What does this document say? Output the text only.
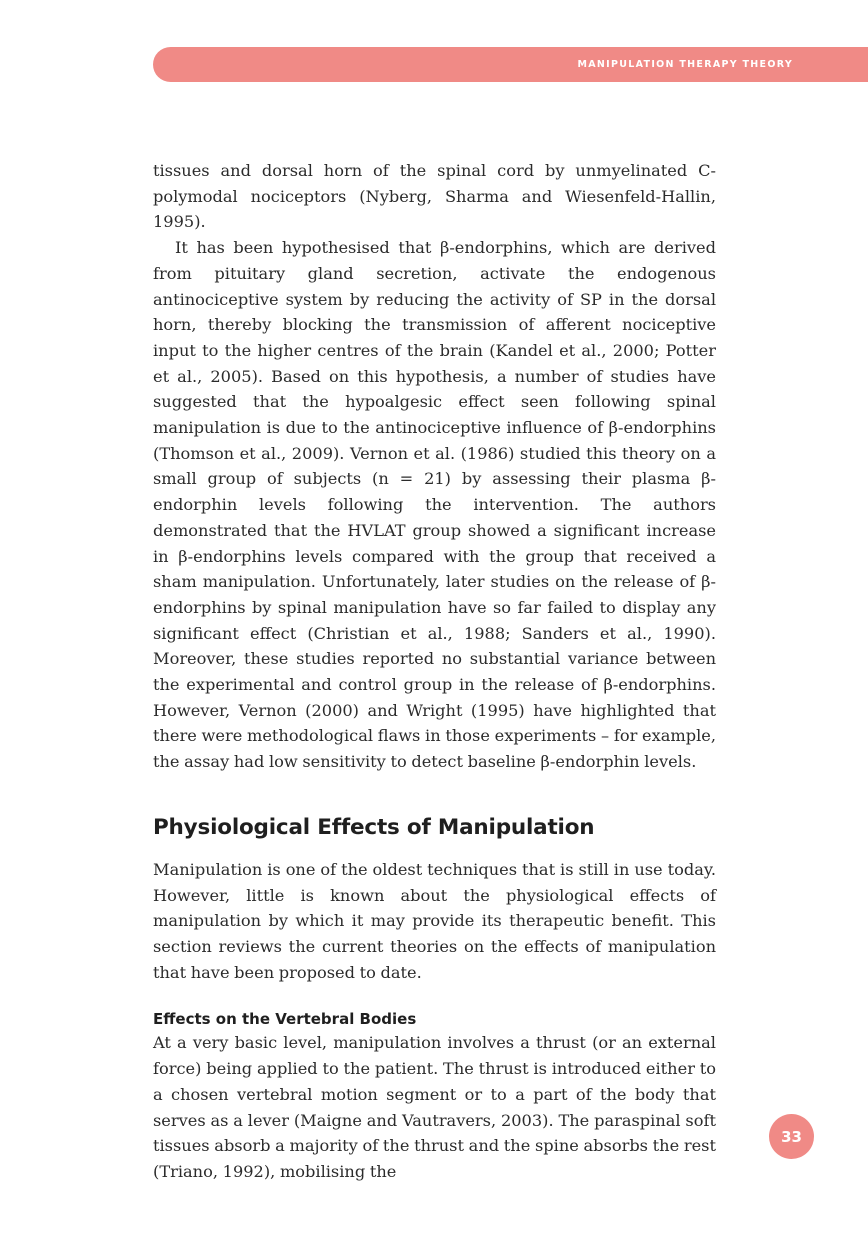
MANIPULATION THERAPY THEORY

tissues and dorsal horn of the spinal cord by unmyelinated C-polymodal nociceptors (Nyberg, Sharma and Wiesenfeld-Hallin, 1995).

It has been hypothesised that β-endorphins, which are derived from pituitary gland secretion, activate the endogenous antinociceptive system by reducing the activity of SP in the dorsal horn, thereby blocking the transmission of afferent nociceptive input to the higher centres of the brain (Kandel et al., 2000; Potter et al., 2005). Based on this hypothesis, a number of studies have suggested that the hypoalgesic effect seen following spinal manipulation is due to the antinociceptive influence of β-endorphins (Thomson et al., 2009). Vernon et al. (1986) studied this theory on a small group of subjects (n = 21) by assessing their plasma β-endorphin levels following the intervention. The authors demonstrated that the HVLAT group showed a significant increase in β-endorphins levels compared with the group that received a sham manipulation. Unfortunately, later studies on the release of β-endorphins by spinal manipulation have so far failed to display any significant effect (Christian et al., 1988; Sanders et al., 1990). Moreover, these studies reported no substantial variance between the experimental and control group in the release of β-endorphins. However, Vernon (2000) and Wright (1995) have highlighted that there were methodological flaws in those experiments – for example, the assay had low sensitivity to detect baseline β-endorphin levels.

Physiological Effects of Manipulation

Manipulation is one of the oldest techniques that is still in use today. However, little is known about the physiological effects of manipulation by which it may provide its therapeutic benefit. This section reviews the current theories on the effects of manipulation that have been proposed to date.

Effects on the Vertebral Bodies

At a very basic level, manipulation involves a thrust (or an external force) being applied to the patient. The thrust is introduced either to a chosen vertebral motion segment or to a part of the body that serves as a lever (Maigne and Vautravers, 2003). The paraspinal soft tissues absorb a majority of the thrust and the spine absorbs the rest (Triano, 1992), mobilising the

33
